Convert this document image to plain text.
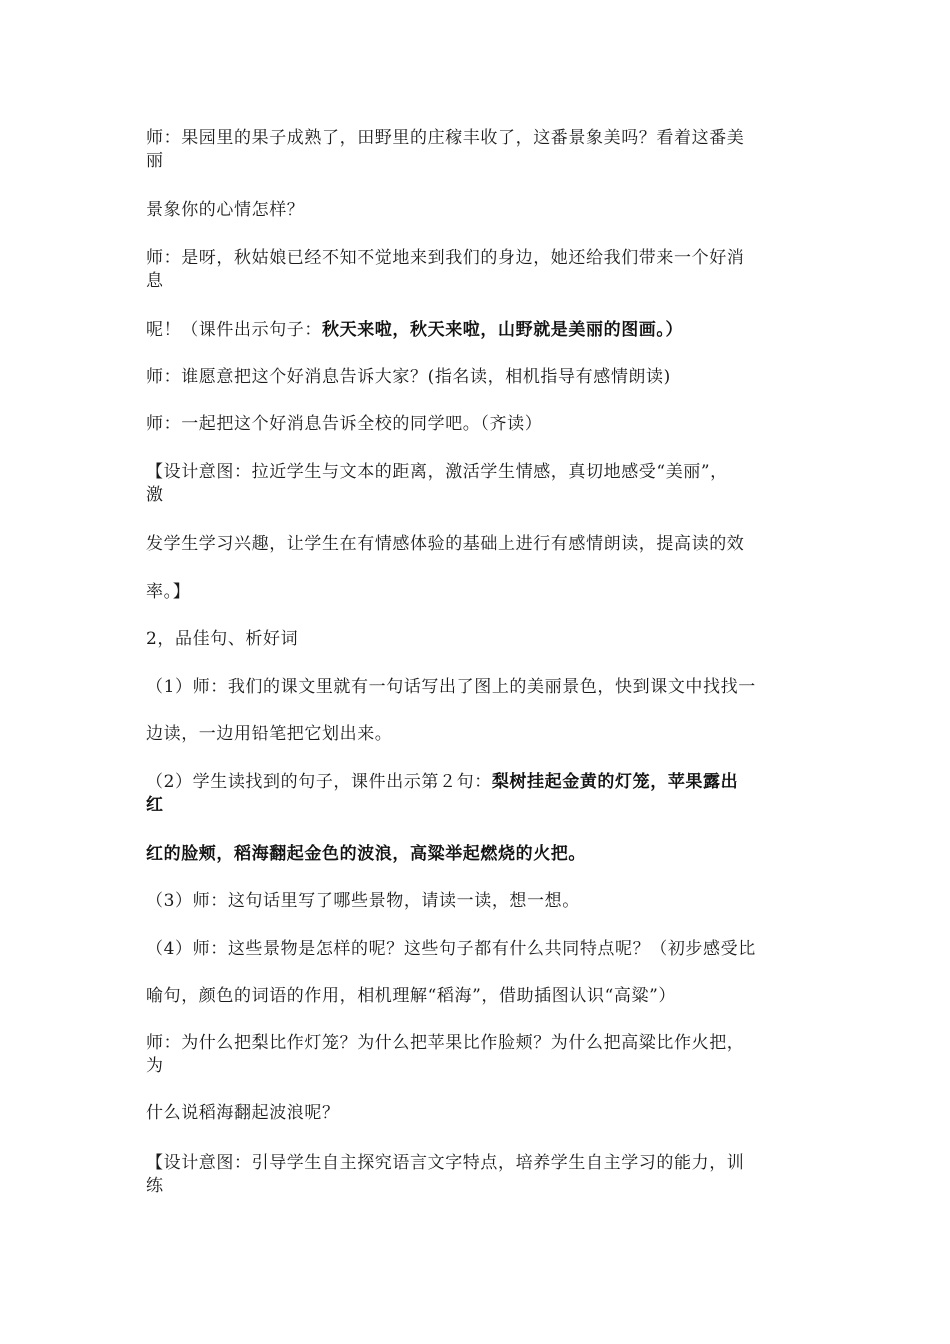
师：果园里的果子成熟了，田野里的庄稼丰收了，这番景象美吗？看着这番美
丽
景象你的心情怎样？
师：是呀，秋姑娘已经不知不觉地来到我们的身边，她还给我们带来一个好消
息
呢！（课件出示句子：秋天来啦，秋天来啦，山野就是美丽的图画。）
师：谁愿意把这个好消息告诉大家？(指名读，相机指导有感情朗读)
师：一起把这个好消息告诉全校的同学吧。（齐读）
【设计意图：拉近学生与文本的距离，激活学生情感，真切地感受“美丽”，
激
发学生学习兴趣，让学生在有情感体验的基础上进行有感情朗读，提高读的效
率。】
2，品佳句、析好词
（1）师：我们的课文里就有一句话写出了图上的美丽景色，快到课文中找找一
边读，一边用铅笔把它划出来。
（2）学生读找到的句子，课件出示第２句：梨树挂起金黄的灯笼，苹果露出
红
红的脸颊，稻海翻起金色的波浪，高粱举起燃烧的火把。
（3）师：这句话里写了哪些景物，请读一读，想一想。
（4）师：这些景物是怎样的呢？这些句子都有什么共同特点呢？（初步感受比
喻句，颜色的词语的作用，相机理解“稻海”，借助插图认识“高粱”）
师：为什么把梨比作灯笼？为什么把苹果比作脸颊？为什么把高粱比作火把，
为
什么说稻海翻起波浪呢？
【设计意图：引导学生自主探究语言文字特点，培养学生自主学习的能力，训
练
